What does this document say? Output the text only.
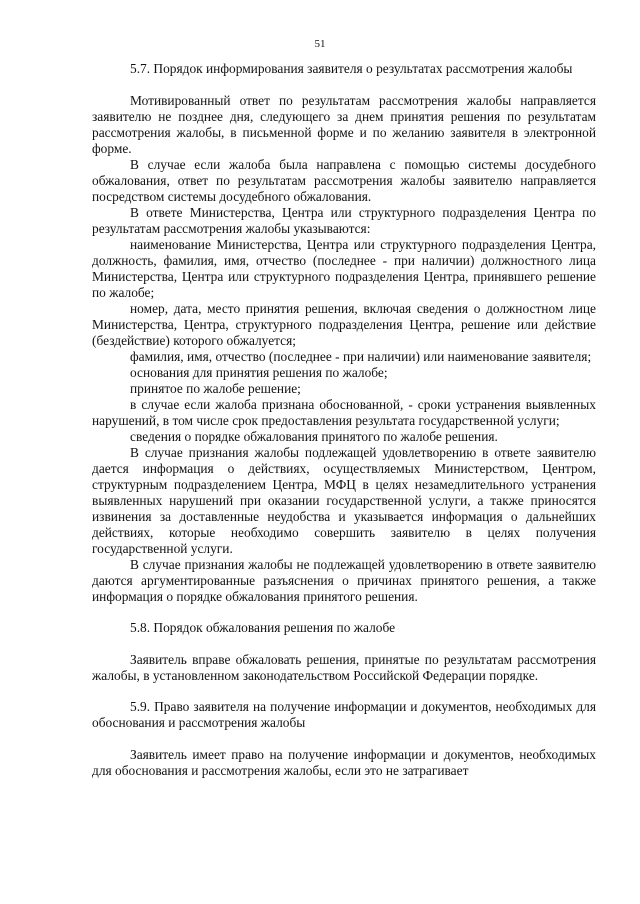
51

5.7. Порядок информирования заявителя о результатах рассмотрения жалобы

Мотивированный ответ по результатам рассмотрения жалобы направляется заявителю не позднее дня, следующего за днем принятия решения по результатам рассмотрения жалобы, в письменной форме и по желанию заявителя в электронной форме.

В случае если жалоба была направлена с помощью системы досудебного обжалования, ответ по результатам рассмотрения жалобы заявителю направляется посредством системы досудебного обжалования.

В ответе Министерства, Центра или структурного подразделения Центра по результатам рассмотрения жалобы указываются:

наименование Министерства, Центра или структурного подразделения Центра, должность, фамилия, имя, отчество (последнее - при наличии) должностного лица Министерства, Центра или структурного подразделения Центра, принявшего решение по жалобе;

номер, дата, место принятия решения, включая сведения о должностном лице Министерства, Центра, структурного подразделения Центра, решение или действие (бездействие) которого обжалуется;

фамилия, имя, отчество (последнее - при наличии) или наименование заявителя;

основания для принятия решения по жалобе;

принятое по жалобе решение;

в случае если жалоба признана обоснованной, - сроки устранения выявленных нарушений, в том числе срок предоставления результата государственной услуги;

сведения о порядке обжалования принятого по жалобе решения.

В случае признания жалобы подлежащей удовлетворению в ответе заявителю дается информация о действиях, осуществляемых Министерством, Центром, структурным подразделением Центра, МФЦ в целях незамедлительного устранения выявленных нарушений при оказании государственной услуги, а также приносятся извинения за доставленные неудобства и указывается информация о дальнейших действиях, которые необходимо совершить заявителю в целях получения государственной услуги.

В случае признания жалобы не подлежащей удовлетворению в ответе заявителю даются аргументированные разъяснения о причинах принятого решения, а также информация о порядке обжалования принятого решения.

5.8. Порядок обжалования решения по жалобе

Заявитель вправе обжаловать решения, принятые по результатам рассмотрения жалобы, в установленном законодательством Российской Федерации порядке.

5.9. Право заявителя на получение информации и документов, необходимых для обоснования и рассмотрения жалобы

Заявитель имеет право на получение информации и документов, необходимых для обоснования и рассмотрения жалобы, если это не затрагивает
